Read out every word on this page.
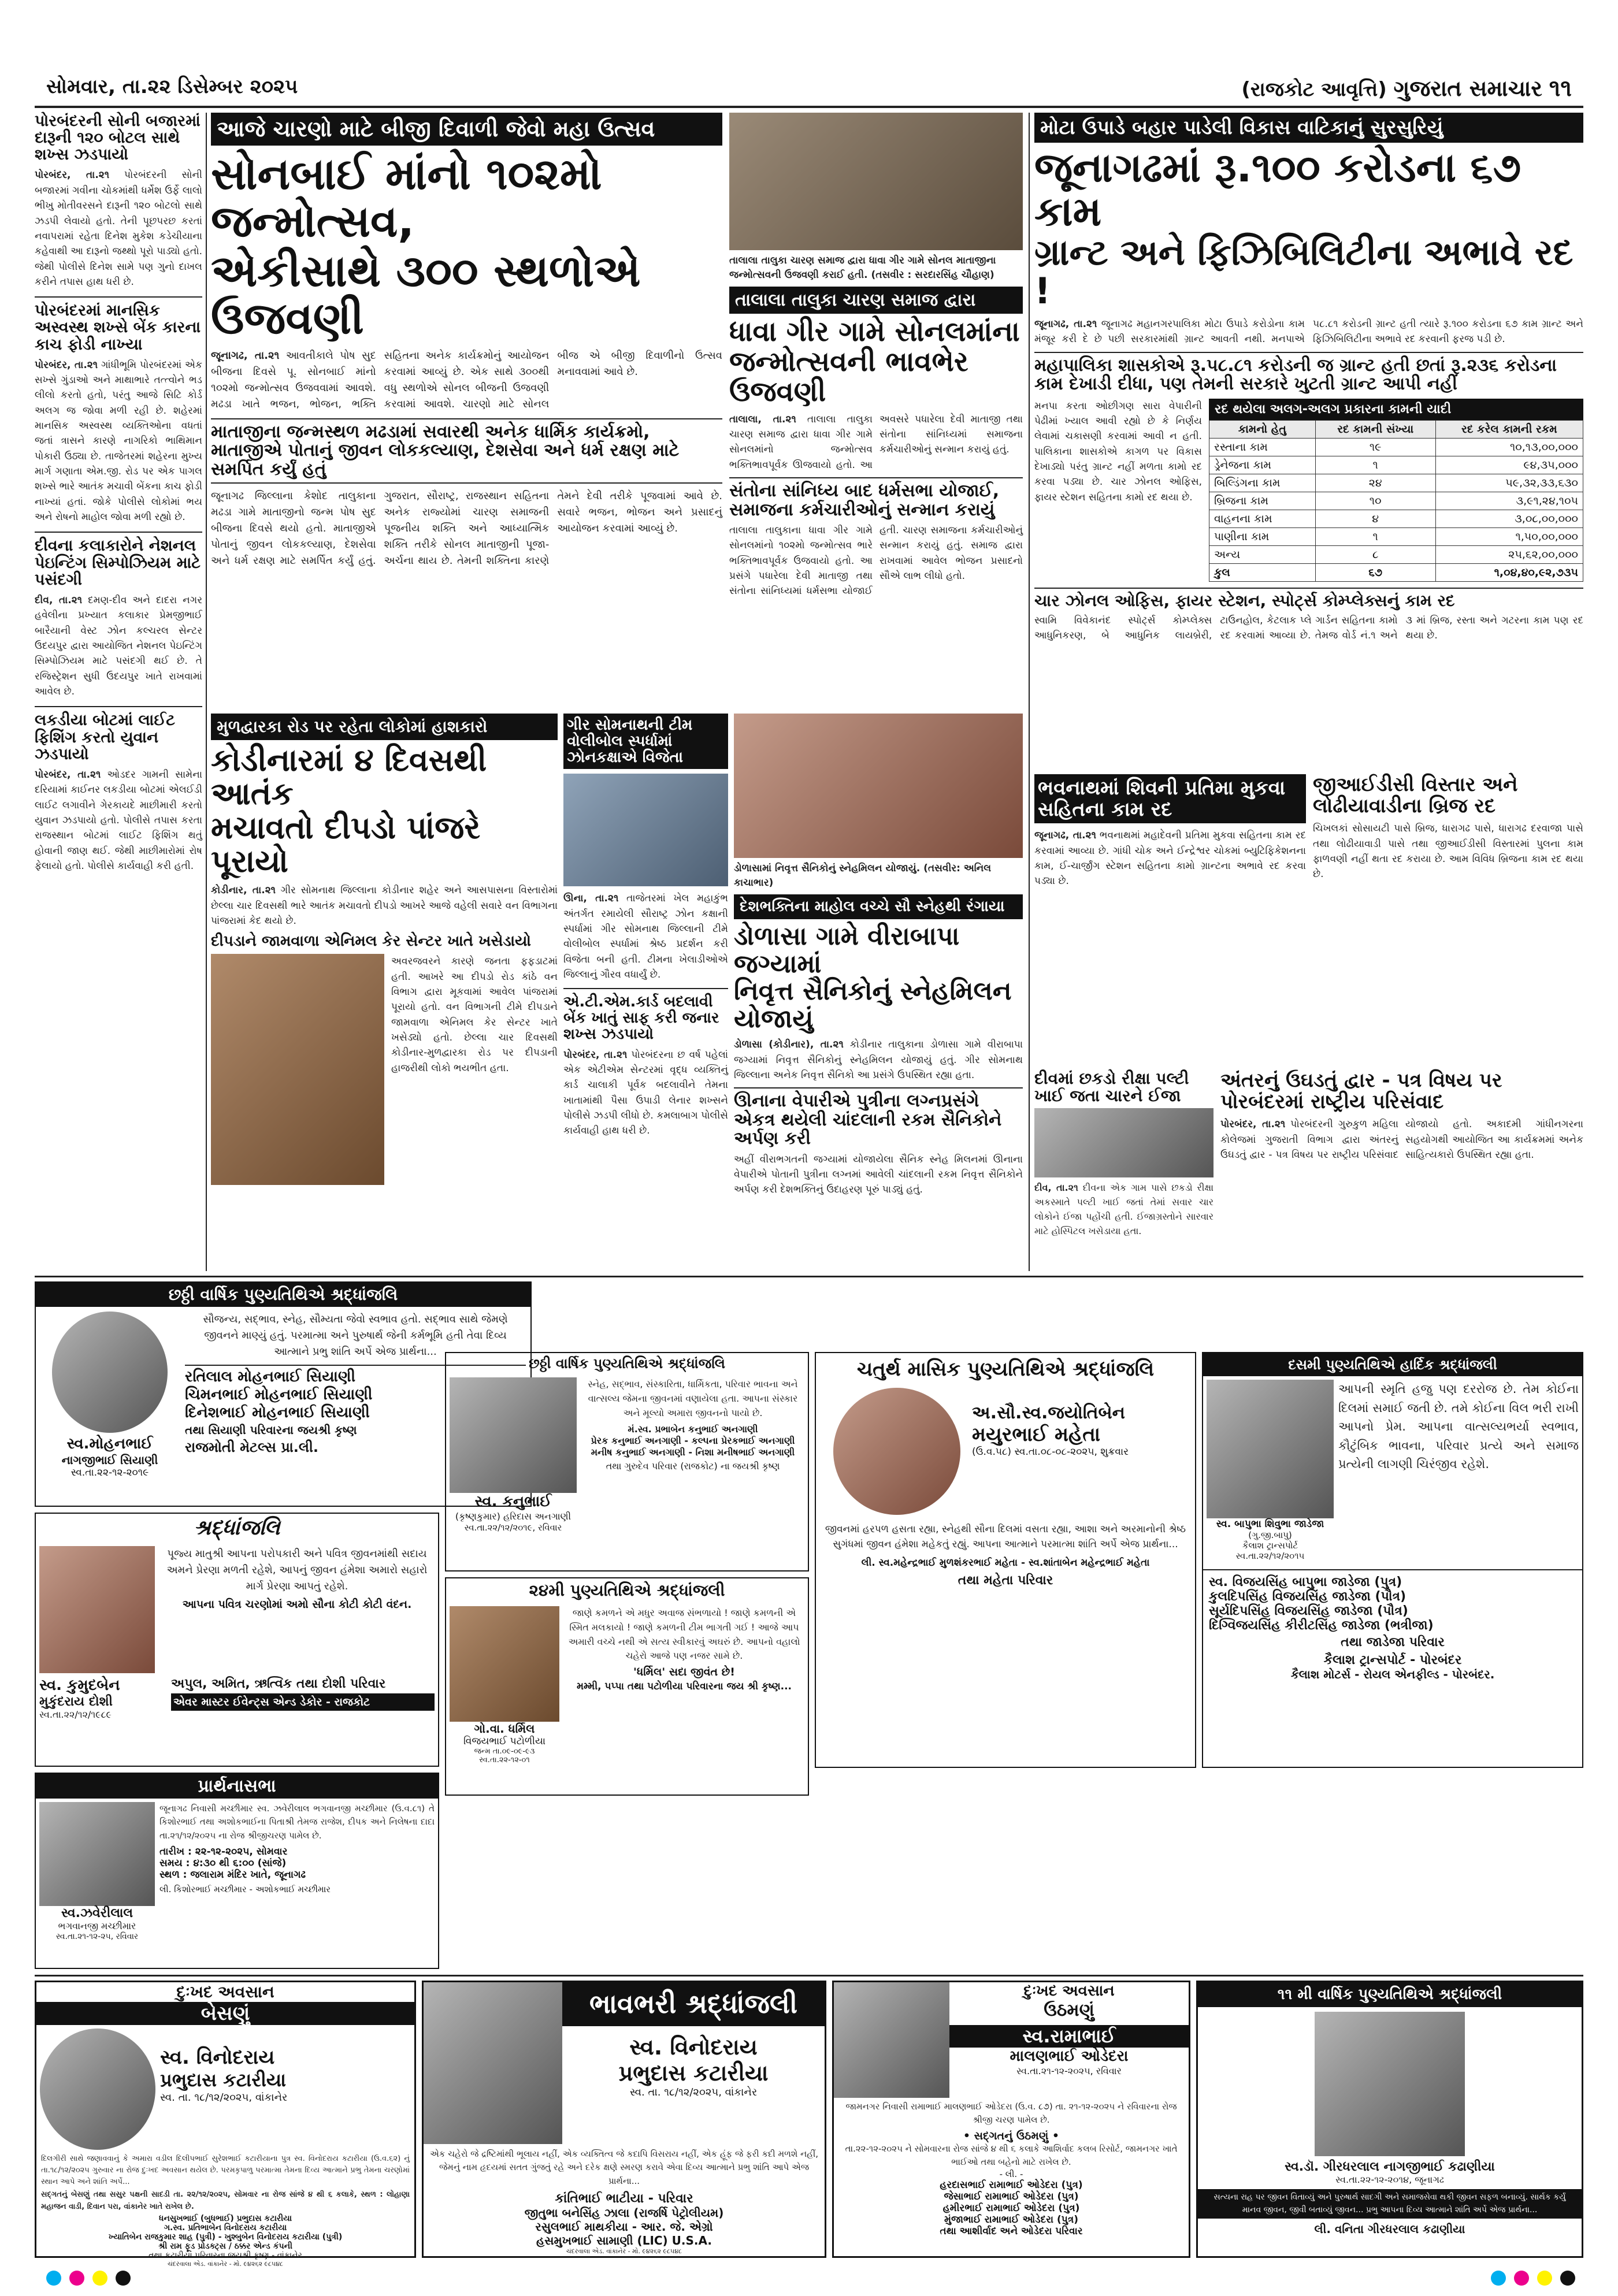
સોમવાર, તા.૨૨ ડિસેમ્બર ૨૦૨૫	(રાજકોટ આવૃત્તિ) ગુજરાત સમાચાર ૧૧
પોરબંદરની સોની બજારમાં દારૂની ૧૨૦ બોટલ સાથે શખ્સ ઝડપાયો
પોરબંદર, તા.૨૧ પોરબંદરની સોની બજારમાં ગવીના ચોકમાંથી ધર્મેશ ઉર્ફે લાલો ભીખુ મોતીવરસને દારૂની ૧૨૦ બોટલો સાથે ઝડપી લેવાયો હતો. તેની પૂછપરછ કરતાં નવાપરામાં રહેતા દિનેશ મુકેશ કડેચીયાના કહેવાથી આ દારૂનો જથ્થો પૂરો પાડ્યો હતો. જેથી પોલીસે દિનેશ સામે પણ ગુનો દાખલ કરીને તપાસ હાથ ધરી છે.
પોરબંદરમાં માનસિક અસ્વસ્થ શખ્સે બેંક કારના કાચ ફોડી નાખ્યા
પોરબંદર, તા.૨૧ ગાંધીભૂમિ પોરબંદરમાં એક સખ્સે ગુંડાઓ અને માથાભારે તત્ત્વોને ભડ લીલો કરતો હતો, પરંતુ આજે સિટિ કોર્ડ અલગ જ જોવા મળી રહી છે. શહેરમાં માનસિક અસ્વસ્થ વ્યક્તિઓના વધતાં જતાં ત્રાસને કારણે નાગરિકો ભાથિમાન પોકારી ઉઠ્યા છે. તાજેતરમાં શહેરના મુખ્ય માર્ગ ગણાતા એમ.જી. રોડ પર એક પાગલ શખ્સે ભારે આતંક મચાવી બેંકના કાચ ફોડી નાખ્યાં હતાં. જોકે પોલીસે લોકોમાં ભય અને રોષનો માહોલ જોવા મળી રહ્યો છે.
દીવના કલાકારોને નેશનલ પેઇન્ટિંગ સિમ્પોઝિયમ માટે પસંદગી
દીવ, તા.૨૧ દમણ-દીવ અને દાદરા નગર હવેલીના પ્રખ્યાત કલાકાર પ્રેમજીભાઈ બારૈયાની વેસ્ટ ઝોન કલ્ચરલ સેન્ટર ઉદયપુર દ્વારા આયોજિત નેશનલ પેઇન્ટિંગ સિમ્પોઝિયમ માટે પસંદગી થઈ છે. તે રજિસ્ટ્રેશન સુધી ઉદયપુર ખાતે રાખવામાં આવેલ છે.
લકડીયા બોટમાં લાઈટ ફિશિંગ કરતો યુવાન ઝડપાયો
પોરબંદર, તા.૨૧ ઓડદર ગામની સામેના દરિયામાં કાઈનર લકડીયા બોટમાં એલઈડી લાઈટ લગાવીને ગેરકાયદે માછીમારી કરતો યુવાન ઝડપાયો હતો. પોલીસે તપાસ કરતા રાજસ્થાન બોટમાં લાઈટ ફિશિંગ થતું હોવાની જાણ થઈ. જેથી માછીમારોમાં રોષ ફેલાયો હતો. પોલીસે કાર્યવાહી કરી હતી.
આજે ચારણો માટે બીજી દિવાળી જેવો મહા ઉત્સવ
સોનબાઈ માંનો ૧૦૨મો જન્મોત્સવ,
એકીસાથે ૩૦૦ સ્થળોએ ઉજવણી
જૂનાગઢ, તા.૨૧ આવતીકાલે પોષ સુદ બીજના દિવસે પૂ. સોનબાઈ માંનો ૧૦૨મો જન્મોત્સવ ઉજવવામાં આવશે. મઢડા ખાતે ભજન, ભોજન, ભક્તિ સહિતના અનેક કાર્યક્રમોનું આયોજન કરવામાં આવ્યું છે. એક સાથે ૩૦૦થી વધુ સ્થળોએ સોનલ બીજની ઉજવણી કરવામાં આવશે. ચારણો માટે સોનલ બીજ એ બીજી દિવાળીનો ઉત્સવ મનાવવામાં આવે છે.
માતાજીના જન્મસ્થળ મઢડામાં સવારથી અનેક ધાર્મિક કાર્યક્રમો, માતાજીએ પોતાનું જીવન લોકકલ્યાણ, દેશસેવા અને ધર્મ રક્ષણ માટે સમર્પિત કર્યું હતું
જૂનાગઢ જિલ્લાના કેશોદ તાલુકાના મઢડા ગામે માતાજીનો જન્મ પોષ સુદ બીજના દિવસે થયો હતો. માતાજીએ પોતાનું જીવન લોકકલ્યાણ, દેશસેવા અને ધર્મ રક્ષણ માટે સમર્પિત કર્યું હતું. ગુજરાત, સૌરાષ્ટ્ર, રાજસ્થાન સહિતના અનેક રાજ્યોમાં ચારણ સમાજની પૂજનીય શક્તિ અને આધ્યાત્મિક શક્તિ તરીકે સોનલ માતાજીની પૂજા-અર્ચના થાય છે. તેમની શક્તિના કારણે તેમને દેવી તરીકે પૂજવામાં આવે છે. સવારે ભજન, ભોજન અને પ્રસાદનું આયોજન કરવામાં આવ્યું છે.
તાલાલા તાલુકા ચારણ સમાજ દ્વારા ધાવા ગીર ગામે સોનલ માતાજીના જન્મોત્સવની ઉજવણી કરાઈ હતી. (તસવીર : સરદારસિંહ ચૌહાણ)
તાલાલા તાલુકા ચારણ સમાજ દ્વારા
ધાવા ગીર ગામે સોનલમાંના
જન્મોત્સવની ભાવભેર ઉજવણી
તાલાલા, તા.૨૧ તાલાલા તાલુકા ચારણ સમાજ દ્વારા ધાવા ગીર ગામે સોનલમાંનો જન્મોત્સવ ભક્તિભાવપૂર્વક ઊજવાયો હતો. આ અવસરે પધારેલા દેવી માતાજી તથા સંતોના સાંનિધ્યમાં સમાજના કર્મચારીઓનું સન્માન કરાયું હતું.
સંતોના સાંનિધ્ય બાદ ધર્મસભા યોજાઈ, સમાજના કર્મચારીઓનું સન્માન કરાયું
તાલાલા તાલુકાના ધાવા ગીર ગામે સોનલમાંનો ૧૦૨મો જન્મોત્સવ ભારે ભક્તિભાવપૂર્વક ઉજવાયો હતો. આ પ્રસંગે પધારેલા દેવી માતાજી તથા સંતોના સાંનિધ્યમાં ધર્મસભા યોજાઈ હતી. ચારણ સમાજના કર્મચારીઓનું સન્માન કરાયું હતું. સમાજ દ્વારા રાખવામાં આવેલ ભોજન પ્રસાદનો સૌએ લાભ લીધો હતો.
મુળદ્વારકા રોડ પર રહેતા લોકોમાં હાશકારો
કોડીનારમાં ૪ દિવસથી આતંક
મચાવતો દીપડો પાંજરે પૂરાયો
કોડીનાર, તા.૨૧ ગીર સોમનાથ જિલ્લાના કોડીનાર શહેર અને આસપાસના વિસ્તારોમાં છેલ્લા ચાર દિવસથી ભારે આતંક મચાવતો દીપડો આખરે આજે વહેલી સવારે વન વિભાગના પાંજરામાં કેદ થયો છે.
દીપડાને જામવાળા એનિમલ કેર સેન્ટર ખાતે ખસેડાયો
અવરજવરને કારણે જનતા ફફડાટમાં હતી. આખરે આ દીપડો રોડ કાંઠે વન વિભાગ દ્વારા મૂકવામાં આવેલ પાંજરામાં પૂરાયો હતો. વન વિભાગની ટીમે દીપડાને જામવાળા એનિમલ કેર સેન્ટર ખાતે ખસેડ્યો હતો. છેલ્લા ચાર દિવસથી કોડીનાર-મુળદ્વારકા રોડ પર દીપડાની હાજરીથી લોકો ભયભીત હતા.
ગીર સોમનાથની ટીમ વોલીબોલ સ્પર્ધામાં ઝોનકક્ષાએ વિજેતા
ઊના, તા.૨૧ તાજેતરમાં ખેલ મહાકુંભ અંતર્ગત રમાયેલી સૌરાષ્ટ્ર ઝોન કક્ષાની સ્પર્ધામાં ગીર સોમનાથ જિલ્લાની ટીમે વોલીબોલ સ્પર્ધામાં શ્રેષ્ઠ પ્રદર્શન કરી વિજેતા બની હતી. ટીમના ખેલાડીઓએ જિલ્લાનું ગૌરવ વધાર્યું છે.
એ.ટી.એમ.કાર્ડ બદલાવી બેંક ખાતું સાફ કરી જનાર શખ્સ ઝડપાયો
પોરબંદર, તા.૨૧ પોરબંદરના છ વર્ષ પહેલાં એક એટીએમ સેન્ટરમાં વૃદ્ધ વ્યક્તિનું કાર્ડ ચાલાકી પૂર્વક બદલાવીને તેમના ખાતામાંથી પૈસા ઉપાડી લેનાર શખ્સને પોલીસે ઝડપી લીધો છે. કમલાબાગ પોલીસે કાર્યવાહી હાથ ધરી છે.
ડોળાસામાં નિવૃત્ત સૈનિકોનું સ્નેહમિલન યોજાયું. (તસવીર: અનિલ કાચાભાર)
દેશભક્તિના માહોલ વચ્ચે સૌ સ્નેહથી રંગાયા
ડોળાસા ગામે વીરાબાપા જગ્યામાં
નિવૃત્ત સૈનિકોનું સ્નેહમિલન યોજાયું
ડોળાસા (કોડીનાર), તા.૨૧ કોડીનાર તાલુકાના ડોળાસા ગામે વીરાબાપા જગ્યામાં નિવૃત્ત સૈનિકોનું સ્નેહમિલન યોજાયું હતું. ગીર સોમનાથ જિલ્લાના અનેક નિવૃત્ત સૈનિકો આ પ્રસંગે ઉપસ્થિત રહ્યા હતા.
ઊનાના વેપારીએ પુત્રીના લગ્નપ્રસંગે એકત્ર થયેલી ચાંદલાની રકમ સૈનિકોને અર્પણ કરી
અહીં વીરાભગતની જગ્યામાં યોજાયેલા સૈનિક સ્નેહ મિલનમાં ઊનાના વેપારીએ પોતાની પુત્રીના લગ્નમાં આવેલી ચાંદલાની રકમ નિવૃત્ત સૈનિકોને અર્પણ કરી દેશભક્તિનું ઉદાહરણ પૂરું પાડ્યું હતું.
મોટા ઉપાડે બહાર પાડેલી વિકાસ વાટિકાનું સુરસુરિયું
જૂનાગઢમાં રૂ.૧૦૦ કરોડના ૬૭ કામ
ગ્રાન્ટ અને ફિઝિબિલિટીના અભાવે રદ !
જૂનાગઢ, તા.૨૧ જૂનાગઢ મહાનગરપાલિકા મોટા ઉપાડે કરોડોના કામ મંજૂર કરી દે છે પછી સરકારમાંથી ગ્રાન્ટ આવતી નથી. મનપાએ ૫૮.૮૧ કરોડની ગ્રાન્ટ હતી ત્યારે રૂ.૧૦૦ કરોડના ૬૭ કામ ગ્રાન્ટ અને ફિઝિબિલિટીના અભાવે રદ કરવાની ફરજ પડી છે.
મહાપાલિકા શાસકોએ રૂ.૫૮.૮૧ કરોડની જ ગ્રાન્ટ હતી છતાં રૂ.૨૩૬ કરોડના કામ દેખાડી દીધા, પણ તેમની સરકારે ખુટતી ગ્રાન્ટ આપી નહીં
મનપા કરતા ઓછીગણ સારા વેપારીની પેઢીમાં ખ્યાલ આવી રહ્યો છે કે નિર્ણય લેવામાં ચકાસણી કરવામાં આવી ન હતી. પાલિકાના શાસકોએ કાગળ પર વિકાસ દેખાડ્યો પરંતુ ગ્રાન્ટ નહીં મળતા કામો રદ કરવા પડ્યા છે. ચાર ઝોનલ ઓફિસ, ફાયર સ્ટેશન સહિતના કામો રદ થયા છે.
રદ થયેલા અલગ-અલગ પ્રકારના કામની યાદી
કામનો હેતુ	રદ કામની સંખ્યા	રદ કરેલ કામની રકમ
રસ્તાના કામ	૧૯	૧૦,૧૩,૦૦,૦૦૦
ડ્રેનેજના કામ	૧	૯૪,૩૫,૦૦૦
બિલ્ડિંગના કામ	૨૪	૫૯,૩૨,૩૩,૬૩૦
બ્રિજના કામ	૧૦	૩,૯૧,૨૪,૧૦૫
વાહનના કામ	૪	૩,૦૮,૦૦,૦૦૦
પાણીના કામ	૧	૧,૫૦,૦૦,૦૦૦
અન્ય	૮	૨૫,૬૨,૦૦,૦૦૦
કુલ	૬૭	૧,૦૪,૪૦,૯૨,૭૩૫
ચાર ઝોનલ ઓફિસ, ફાયર સ્ટેશન, સ્પોર્ટ્સ કોમ્પ્લેક્સનું કામ રદ
સ્વામિ વિવેકાનંદ સ્પોર્ટ્સ કોમ્પ્લેક્સ આધુનિકરણ, બે આધુનિક લાયબ્રેરી, ટાઉનહોલ, કેટલાક પ્લે ગાર્ડન સહિતના કામો રદ કરવામાં આવ્યા છે. તેમજ વોર્ડ નં.૧ અને ૩ માં બ્રિજ, રસ્તા અને ગટરના કામ પણ રદ થયા છે.
ભવનાથમાં શિવની પ્રતિમા મુકવા સહિતના કામ રદ
જૂનાગઢ, તા.૨૧ ભવનાથમાં મહાદેવની પ્રતિમા મુકવા સહિતના કામ રદ કરવામાં આવ્યા છે. ગાંધી ચોક અને ઈન્દ્રેશ્વર ચોકમાં બ્યુટિફિકેશનના કામ, ઈ-ચાર્જીંગ સ્ટેશન સહિતના કામો ગ્રાન્ટના અભાવે રદ કરવા પડ્યા છે.
જીઆઈડીસી વિસ્તાર અને લોઢીયાવાડીના બ્રિજ રદ
ચિખલકાં સોસાયટી પાસે બ્રિજ, ધારાગઢ પાસે, ધારાગઢ દરવાજા પાસે તથા લોઢીયાવાડી પાસે તથા જીઆઈડીસી વિસ્તારમાં પુલના કામ ફાળવણી નહીં થતા રદ કરાયા છે. આમ વિવિધ બ્રિજના કામ રદ થયા છે.
દીવમાં છકડો રીક્ષા પલ્ટી ખાઈ જતા ચારને ઈજા
દીવ, તા.૨૧ દીવના એક ગામ પાસે છકડો રીક્ષા અકસ્માતે પલ્ટી ખાઈ જતાં તેમાં સવાર ચાર લોકોને ઈજા પહોંચી હતી. ઈજાગ્રસ્તોને સારવાર માટે હોસ્પિટલ ખસેડાયા હતા.
અંતરનું ઉઘડતું દ્વાર - પત્ર વિષય પર પોરબંદરમાં રાષ્ટ્રીય પરિસંવાદ
પોરબંદર, તા.૨૧ પોરબંદરની ગુરુકુળ મહિલા કોલેજમાં ગુજરાતી વિભાગ દ્વારા અંતરનું ઉઘડતું દ્વાર - પત્ર વિષય પર રાષ્ટ્રીય પરિસંવાદ યોજાયો હતો. અકાદમી ગાંધીનગરના સહયોગથી આયોજિત આ કાર્યક્રમમાં અનેક સાહિત્યકારો ઉપસ્થિત રહ્યા હતા.
છઠ્ઠી વાર્ષિક પુણ્યતિથિએ શ્રદ્ધાંજલિ
સ્વ.મોહનભાઈ
નાગજીભાઈ સિયાણી
સ્વ.તા.૨૨-૧૨-૨૦૧૯
સૌજન્ય, સદ્ભાવ, સ્નેહ, સૌમ્યતા જેવો સ્વભાવ હતો. સદ્ભાવ સાથે જેમણે જીવનને માણ્યું હતું. પરમાત્મા અને પુરુષાર્થ જેની કર્મભૂમિ હતી તેવા દિવ્ય આત્માને પ્રભુ શાંતિ અર્પે એજ પ્રાર્થના...
રતિલાલ મોહનભાઈ સિયાણી
ચિમનભાઈ મોહનભાઈ સિયાણી
દિનેશભાઈ મોહનભાઈ સિયાણી
તથા સિયાણી પરિવારના જયશ્રી કૃષ્ણ
રાજમોતી મેટલ્સ પ્રા.લી.
શ્રદ્ધાંજલિ
પૂજ્ય માતુશ્રી આપના પરોપકારી અને પવિત્ર જીવનમાંથી સદાય અમને પ્રેરણા મળતી રહેશે, આપનું જીવન હંમેશા અમારો સહારો માર્ગ પ્રેરણા આપતું રહેશે.
આપના પવિત્ર ચરણોમાં અમો સૌના કોટી કોટી વંદન.
સ્વ. કુમુદબેન
મુકુંદરાય દોશી
સ્વ.તા.૨૨/૧૨/૧૯૮૯
અપુલ, અમિત, ઋત્વિક તથા દોશી પરિવાર
એવર માસ્ટર ઈવેન્ટ્સ એન્ડ ડેકોર - રાજકોટ
છઠ્ઠી વાર્ષિક પુણ્યતિથિએ શ્રદ્ધાંજલિ
સ્વ. કનુભાઈ
(કૃષ્ણકુમાર) હરિદાસ અનગાણી
સ્વ.તા.૨૨/૧૨/૨૦૧૯, રવિવાર
સ્નેહ, સદ્ભાવ, સંસ્કારિતા, ધાર્મિકતા, પરિવાર ભાવના અને વાત્સલ્ય જેમના જીવનમાં વણાયેલા હતા. આપના સંસ્કાર અને મૂલ્યો અમારા જીવનનો પાયો છે.
મં.સ્વ. પ્રભાબેન કનુભાઈ અનગાણી
પ્રેરક કનુભાઈ અનગાણી - કલ્પના પ્રેરકભાઈ અનગાણી
મનીષ કનુભાઈ અનગાણી - નિશા મનીષભાઈ અનગાણી
તથા ગુરુદેવ પરિવાર (રાજકોટ) ના જયશ્રી કૃષ્ણ
ચતુર્થ માસિક પુણ્યતિથિએ શ્રદ્ધાંજલિ
અ.સૌ.સ્વ.જયોતિબેન
મયુરભાઈ મહેતા
(ઉ.વ.૫૮) સ્વ.તા.૦૮-૦૮-૨૦૨૫, શુક્રવાર
જીવનમાં હરપળ હસતા રહ્યા, સ્નેહથી સૌના દિલમાં વસતા રહ્યા, આશા અને અરમાનોની શ્રેષ્ઠ સુગંધમાં જીવન હંમેશા મહેકતું રહ્યું. આપના આત્માને પરમાત્મા શાંતિ અર્પે એજ પ્રાર્થના...
લી. સ્વ.મહેન્દ્રભાઈ મુળશંકરભાઈ મહેતા - સ્વ.શાંતાબેન મહેન્દ્રભાઈ મહેતા
તથા મહેતા પરિવાર
દસમી પુણ્યતિથિએ હાર્દિક શ્રદ્ધાંજલી
સ્વ. બાપુભા શિવુભા જાડેજા
(ગુ.જી.બાપુ)
કૈલાશ ટ્રાન્સપોર્ટ
સ્વ.તા.૨૨/૧૨/૨૦૧૫
આપની સ્મૃતિ હજુ પણ દરરોજ છે. તેમ કોઈના દિલમાં સમાઈ જતી છે. તમે કોઈના વિલ ભરી રાખી આપનો પ્રેમ. આપના વાત્સલ્યભર્યા સ્વભાવ, કૌટુંબિક ભાવના, પરિવાર પ્રત્યે અને સમાજ પ્રત્યેની લાગણી ચિરંજીવ રહેશે.
સ્વ. વિજયસિંહ બાપુભા જાડેજા (પુત્ર)
કુલદિપસિંહ વિજયસિંહ જાડેજા (પૌત્ર)
સૂર્યદિપસિંહ વિજયસિંહ જાડેજા (પૌત્ર)
દિગ્વિજયસિંહ કીરીટસિંહ જાડેજા (ભત્રીજા)
તથા જાડેજા પરિવાર
કૈલાશ ટ્રાન્સપોર્ટ - પોરબંદર
કૈલાશ મોટર્સ - રોયલ એનફીલ્ડ - પોરબંદર.
પ્રાર્થનાસભા
સ્વ.ઝવેરીલાલ
ભગવાનજી મચ્છીમાર
સ્વ.તા.૨૧-૧૨-૨૫, રવિવાર
જૂનાગઢ નિવાસી મચ્છીમાર સ્વ. ઝવેરીલાલ ભગવાનજી મચ્છીમાર (ઉ.વ.૮૧) તે કિશોરભાઈ તથા અશોકભાઈના પિતાશ્રી તેમજ રાજેશ, દીપક અને નિલેષના દાદા તા.૨૧/૧૨/૨૦૨૫ ના રોજ શ્રીજીચરણ પામેલ છે.
તારીખ : ૨૨-૧૨-૨૦૨૫, સોમવાર
સમય : ૪:૩૦ થી ૬:૦૦ (સાંજે)
સ્થળ : જલારામ મંદિર ખાતે, જૂનાગઢ
લી. કિશોરભાઈ મચ્છીમાર - અશોકભાઈ મચ્છીમાર
૨૪મી પુણ્યતિથિએ શ્રદ્ધાંજલી
ગો.વા. ધર્મિલ
વિજયભાઈ પટોળીયા
જન્મ તા.૦૯-૦૯-૯૩ સ્વ.તા.૨૨-૧૨-૦૧
જાણે કમળને એ મધુર અવાજ સંભળાયો ! જાણે કમળની એ સ્મિત મલકાયો ! જાણે કમળની ટીમ ભાગતી ગઈ ! આજે આપ અમારી વચ્ચે નથી એ સત્ય સ્વીકારવું અઘરું છે. આપનો વહાલો ચહેરો આજે પણ નજર સામે છે.
'ધર્મિલ' સદા જીવંત છે!
મમ્મી, પપ્પા તથા પટોળીયા પરિવારના જય શ્રી કૃષ્ણ...
દુઃખદ અવસાન
બેસણું
સ્વ. વિનોદરાય
પ્રભુદાસ કટારીયા
સ્વ. તા. ૧૮/૧૨/૨૦૨૫, વાંકાનેર
દિલગીરી સાથે જણાવવાનું કે અમારા વડીલ દિલીપભાઈ સુરેશભાઈ કટારીયાના પુત્ર સ્વ. વિનોદરાય કટારીયા (ઉ.વ.૬૨) નું તા.૧૮/૧૨/૨૦૨૫ ગુરુવાર ના રોજ દુઃખદ અવસાન થયેલ છે. પરમકૃપાળુ પરમાત્મા તેમના દિવ્ય આત્માને પ્રભુ તેમના ચરણોમાં સ્થાન આપે અને શાંતિ અર્પે...
સદ્ગતનું બેસણું તથા સસુર પક્ષની સાદડી તા. ૨૨/૧૨/૨૦૨૫, સોમવાર ના રોજ સાંજે ૪ થી ૬ કલાકે, સ્થળ : લોહાણા મહાજન વાડી, દિવાન પરા, વાંકાનેર ખાતે રાખેલ છે.
ધનસુખભાઈ (બુધભાઈ) પ્રભુદાસ કટારીયા
ગ.સ્વ. પ્રતિભાબેન વિનોદરાય કટારીયા
ખ્યાતિબેન રાજકુમાર શાહ (પુત્રી) - ખુશ્બુબેન વિનોદરાય કટારીયા (પુત્રી)
શ્રી રામ ફૂડ પ્રોડક્ટ્સ / ઠક્કર એન્ડ કંપની
તથા કટારીયા પરિવારના જયશ્રી કૃષ્ણ - વાંકાનેર
ચંદરવાલા એડ. વાંકાનેર - મો. ૯૪૨૬૨ ૯૮૫૪૮
ભાવભરી શ્રદ્ધાંજલી
સ્વ. વિનોદરાય
પ્રભુદાસ કટારીયા
સ્વ. તા. ૧૮/૧૨/૨૦૨૫, વાંકાનેર
એક ચહેરો જે દ્રષ્ટિમાંથી ભૂલાય નહીં, એક વ્યક્તિત્વ જે કદાપિ વિસરાય નહીં, એક હૂંફ જે ફરી કદી મળશે નહીં, જેમનું નામ હૃદયમાં સતત ગુંજતું રહે અને દરેક ક્ષણે સ્મરણ કરાવે એવા દિવ્ય આત્માને પ્રભુ શાંતિ આપે એજ પ્રાર્થના...
કાંતિભાઈ ભાટીયા - પરિવાર
જીતુભા બનેસિંહ ઝાલા (રાજર્ષિ પેટ્રોલીયમ)
રસુલભાઈ માથકીયા - આર. જે. એગ્રો
હસમુખભાઈ સામાણી (LIC) U.S.A.
ચંદરવાલા એડ. વાંકાનેર - મો. ૯૪૨૬૨ ૯૮૫૪૮
દુઃખદ અવસાન
ઉઠમણું
સ્વ.રામાભાઈ
માલણભાઈ ઓડેદરા
સ્વ.તા.૨૧-૧૨-૨૦૨૫, રવિવાર
જામનગર નિવાસી રામાભાઈ માલણભાઈ ઓડેદરા (ઉ.વ. ૮૭) તા. ૨૧-૧૨-૨૦૨૫ ને રવિવારના રોજ શ્રીજી ચરણ પામેલ છે.
• સદ્ગતનું ઉઠમણું •
તા.૨૨-૧૨-૨૦૨૫ ને સોમવારના રોજ સાંજે ૪ થી ૬ કલાકે આશિર્વાદ કલબ રિસોર્ટ, જામનગર ખાતે ભાઈઓ તથા બહેનો માટે રાખેલ છે.
- લી. -
હરદાસભાઈ રામાભાઈ ઓડેદરા (પુત્ર)
જેસાભાઈ રામાભાઈ ઓડેદરા (પુત્ર)
હમીરભાઈ રામાભાઈ ઓડેદરા (પુત્ર)
મુંજાભાઈ રામાભાઈ ઓડેદરા (પુત્ર)
તથા આશીર્વાદ અને ઓડેદરા પરિવાર
૧૧ મી વાર્ષિક પુણ્યતિથિએ શ્રદ્ધાંજલી
સ્વ.ડૉ. ગીરધરલાલ નાગજીભાઈ કઢાણીયા
સ્વ.તા.૨૨-૧૨-૨૦૧૪, જૂનાગઢ
સત્યના રાહ પર જીવન વિતાવ્યું અને પુરુષાર્થ સાદગી અને સમાજસેવા થકી જીવન સફળ બનાવ્યું. સાર્થક કર્યું માનવ જીવન, જીવી બતાવ્યું જીવન... પ્રભુ આપના દિવ્ય આત્માને શાંતિ અર્પે એજ પ્રાર્થના...
લી. વનિતા ગીરધરલાલ કઢાણીયા
